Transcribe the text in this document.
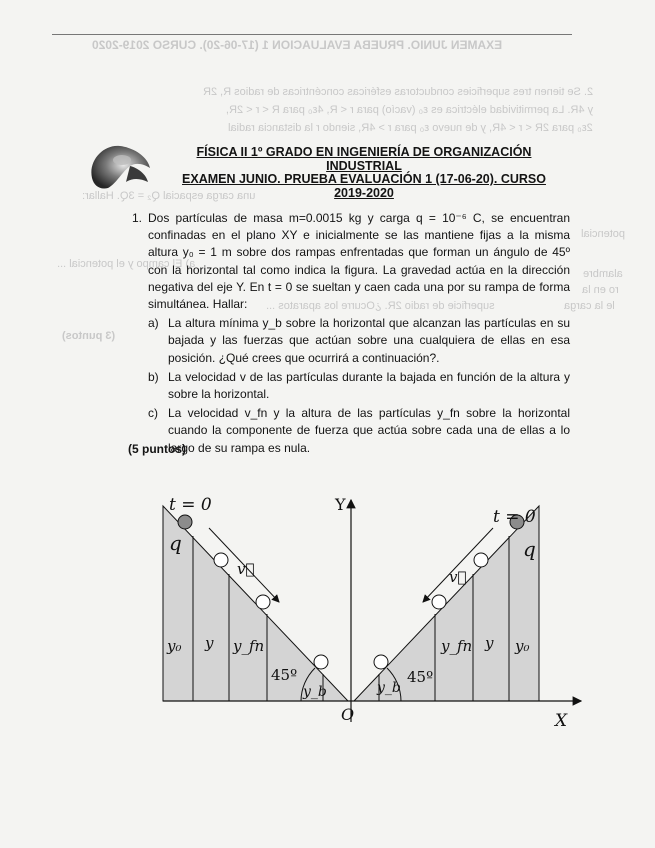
EXAMEN JUNIO. PRUEBA EVALUACION 1 (17-06-20). CURSO 2019-2020
2. Se tienen tres superficies conductoras esféricas concéntricas de radios R, 2R
y 4R. La permitividad eléctrica es ε₀ (vacío) para r < R, 4ε₀ para R < r < 2R,
2ε₀ para 2R < r < 4R, y de nuevo ε₀ para r > 4R, siendo r la distancia radial
una carga espacial Q₂ = 3Q. Hallar:
potencial
a) El campo y el potencial ...
alambre
ro en la
le la carga
superficie de radio 2R. ¿Ocurre los aparatos ...
(3 puntos)
FÍSICA II 1º GRADO EN INGENIERÍA DE ORGANIZACIÓN INDUSTRIAL
EXAMEN JUNIO. PRUEBA EVALUACIÓN 1 (17-06-20). CURSO 2019-2020
1. Dos partículas de masa m=0.0015 kg y carga q = 10⁻⁶ C, se encuentran confinadas en el plano XY e inicialmente se las mantiene fijas a la misma altura y₀ = 1 m sobre dos rampas enfrentadas que forman un ángulo de 45º con la horizontal tal como indica la figura. La gravedad actúa en la dirección negativa del eje Y. En t = 0 se sueltan y caen cada una por su rampa de forma simultánea. Hallar:
a) La altura mínima y_b sobre la horizontal que alcanzan las partículas en su bajada y las fuerzas que actúan sobre una cualquiera de ellas en esa posición. ¿Qué crees que ocurrirá a continuación?.
b) La velocidad v de las partículas durante la bajada en función de la altura y sobre la horizontal.
c) La velocidad v_fn y la altura de las partículas y_fn sobre la horizontal cuando la componente de fuerza que actúa sobre cada una de ellas a lo largo de su rampa es nula.
(5 puntos)
t = 0
t = 0
q	q
v⃗	v⃗
Y
X
O
y₀ y y_fn
45º
y_b
y₀
y
y_fn
45º
y_b
